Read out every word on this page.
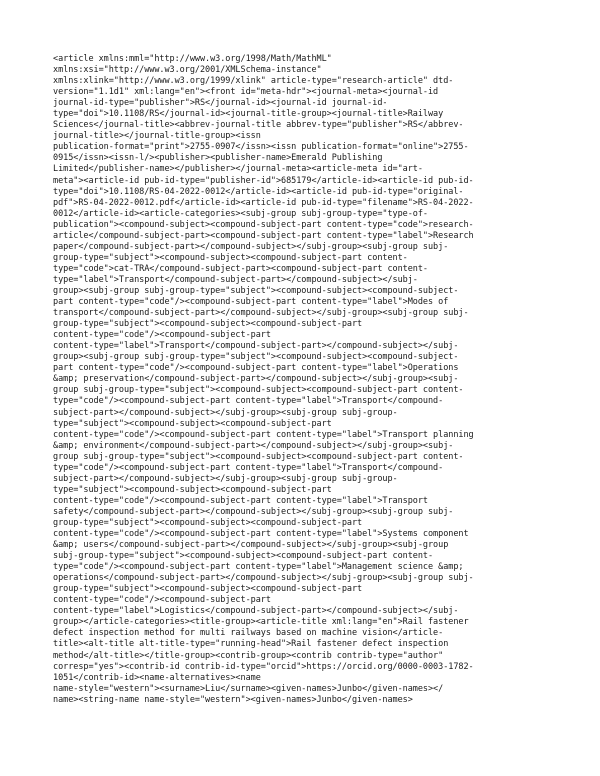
<article xmlns:mml="http://www.w3.org/1998/Math/MathML"
xmlns:xsi="http://www.w3.org/2001/XMLSchema-instance"
xmlns:xlink="http://www.w3.org/1999/xlink" article-type="research-article" dtd-
version="1.1d1" xml:lang="en"><front id="meta-hdr"><journal-meta><journal-id
journal-id-type="publisher">RS</journal-id><journal-id journal-id-
type="doi">10.1108/RS</journal-id><journal-title-group><journal-title>Railway
Sciences</journal-title><abbrev-journal-title abbrev-type="publisher">RS</abbrev-
journal-title></journal-title-group><issn
publication-format="print">2755-0907</issn><issn publication-format="online">2755-
0915</issn><issn-l/><publisher><publisher-name>Emerald Publishing
Limited</publisher-name></publisher></journal-meta><article-meta id="art-
meta"><article-id pub-id-type="publisher-id">685179</article-id><article-id pub-id-
type="doi">10.1108/RS-04-2022-0012</article-id><article-id pub-id-type="original-
pdf">RS-04-2022-0012.pdf</article-id><article-id pub-id-type="filename">RS-04-2022-
0012</article-id><article-categories><subj-group subj-group-type="type-of-
publication"><compound-subject><compound-subject-part content-type="code">research-
article</compound-subject-part><compound-subject-part content-type="label">Research
paper</compound-subject-part></compound-subject></subj-group><subj-group subj-
group-type="subject"><compound-subject><compound-subject-part content-
type="code">cat-TRA</compound-subject-part><compound-subject-part content-
type="label">Transport</compound-subject-part></compound-subject></subj-
group><subj-group subj-group-type="subject"><compound-subject><compound-subject-
part content-type="code"/><compound-subject-part content-type="label">Modes of
transport</compound-subject-part></compound-subject></subj-group><subj-group subj-
group-type="subject"><compound-subject><compound-subject-part
content-type="code"/><compound-subject-part
content-type="label">Transport</compound-subject-part></compound-subject></subj-
group><subj-group subj-group-type="subject"><compound-subject><compound-subject-
part content-type="code"/><compound-subject-part content-type="label">Operations
&amp; preservation</compound-subject-part></compound-subject></subj-group><subj-
group subj-group-type="subject"><compound-subject><compound-subject-part content-
type="code"/><compound-subject-part content-type="label">Transport</compound-
subject-part></compound-subject></subj-group><subj-group subj-group-
type="subject"><compound-subject><compound-subject-part
content-type="code"/><compound-subject-part content-type="label">Transport planning
&amp; environment</compound-subject-part></compound-subject></subj-group><subj-
group subj-group-type="subject"><compound-subject><compound-subject-part content-
type="code"/><compound-subject-part content-type="label">Transport</compound-
subject-part></compound-subject></subj-group><subj-group subj-group-
type="subject"><compound-subject><compound-subject-part
content-type="code"/><compound-subject-part content-type="label">Transport
safety</compound-subject-part></compound-subject></subj-group><subj-group subj-
group-type="subject"><compound-subject><compound-subject-part
content-type="code"/><compound-subject-part content-type="label">Systems component
&amp; users</compound-subject-part></compound-subject></subj-group><subj-group
subj-group-type="subject"><compound-subject><compound-subject-part content-
type="code"/><compound-subject-part content-type="label">Management science &amp;
operations</compound-subject-part></compound-subject></subj-group><subj-group subj-
group-type="subject"><compound-subject><compound-subject-part
content-type="code"/><compound-subject-part
content-type="label">Logistics</compound-subject-part></compound-subject></subj-
group></article-categories><title-group><article-title xml:lang="en">Rail fastener
defect inspection method for multi railways based on machine vision</article-
title><alt-title alt-title-type="running-head">Rail fastener defect inspection
method</alt-title></title-group><contrib-group><contrib contrib-type="author"
corresp="yes"><contrib-id contrib-id-type="orcid">https://orcid.org/0000-0003-1782-
1051</contrib-id><name-alternatives><name
name-style="western"><surname>Liu</surname><given-names>Junbo</given-names></
name><string-name name-style="western"><given-names>Junbo</given-names>
